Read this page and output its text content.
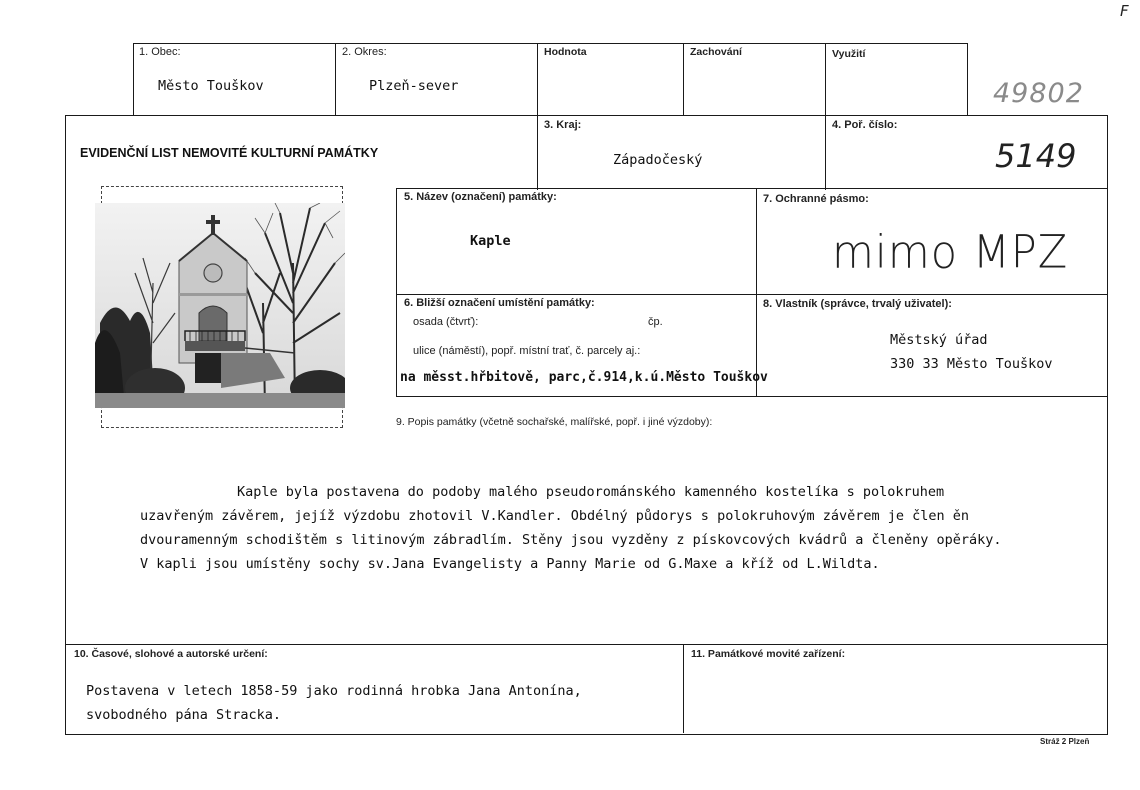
F
1. Obec:
Město Touškov
2. Okres:
Plzeň-sever
Hodnota	Zachování	Využití
49802
EVIDENČNÍ LIST NEMOVITÉ KULTURNÍ PAMÁTKY
3. Kraj:
Západočeský
4. Poř. číslo:
5149
5. Název (označení) památky:
Kaple
7. Ochranné pásmo:
mimo MPZ
6. Bližší označení umístění památky:
osada (čtvrť):	čp.
ulice (náměstí), popř. místní trať, č. parcely aj.:
na měsst.hřbitově, parc,č.914,k.ú.Město Touškov
8. Vlastník (správce, trvalý uživatel):
Městský úřad
330 33 Město Touškov
9. Popis památky (včetně sochařské, malířské, popř. i jiné výzdoby):
Kaple byla postavena do podoby malého pseudorománského kamenného kostelíka s polokruhem
uzavřeným závěrem, jejíž výzdobu zhotovil V.Kandler. Obdélný půdorys s polokruhovým závěrem je člen ěn
dvouramenným schodištěm s litinovým zábradlím. Stěny jsou vyzděny z pískovcových kvádrů a členěny opěráky.
V kapli jsou umístěny sochy sv.Jana Evangelisty a Panny Marie od G.Maxe a kříž od L.Wildta.
10. Časové, slohové a autorské určení:
Postavena v letech 1858-59 jako rodinná hrobka Jana Antonína,
svobodného pána Stracka.
11. Památkové movité zařízení:
Stráž 2 Plzeň
